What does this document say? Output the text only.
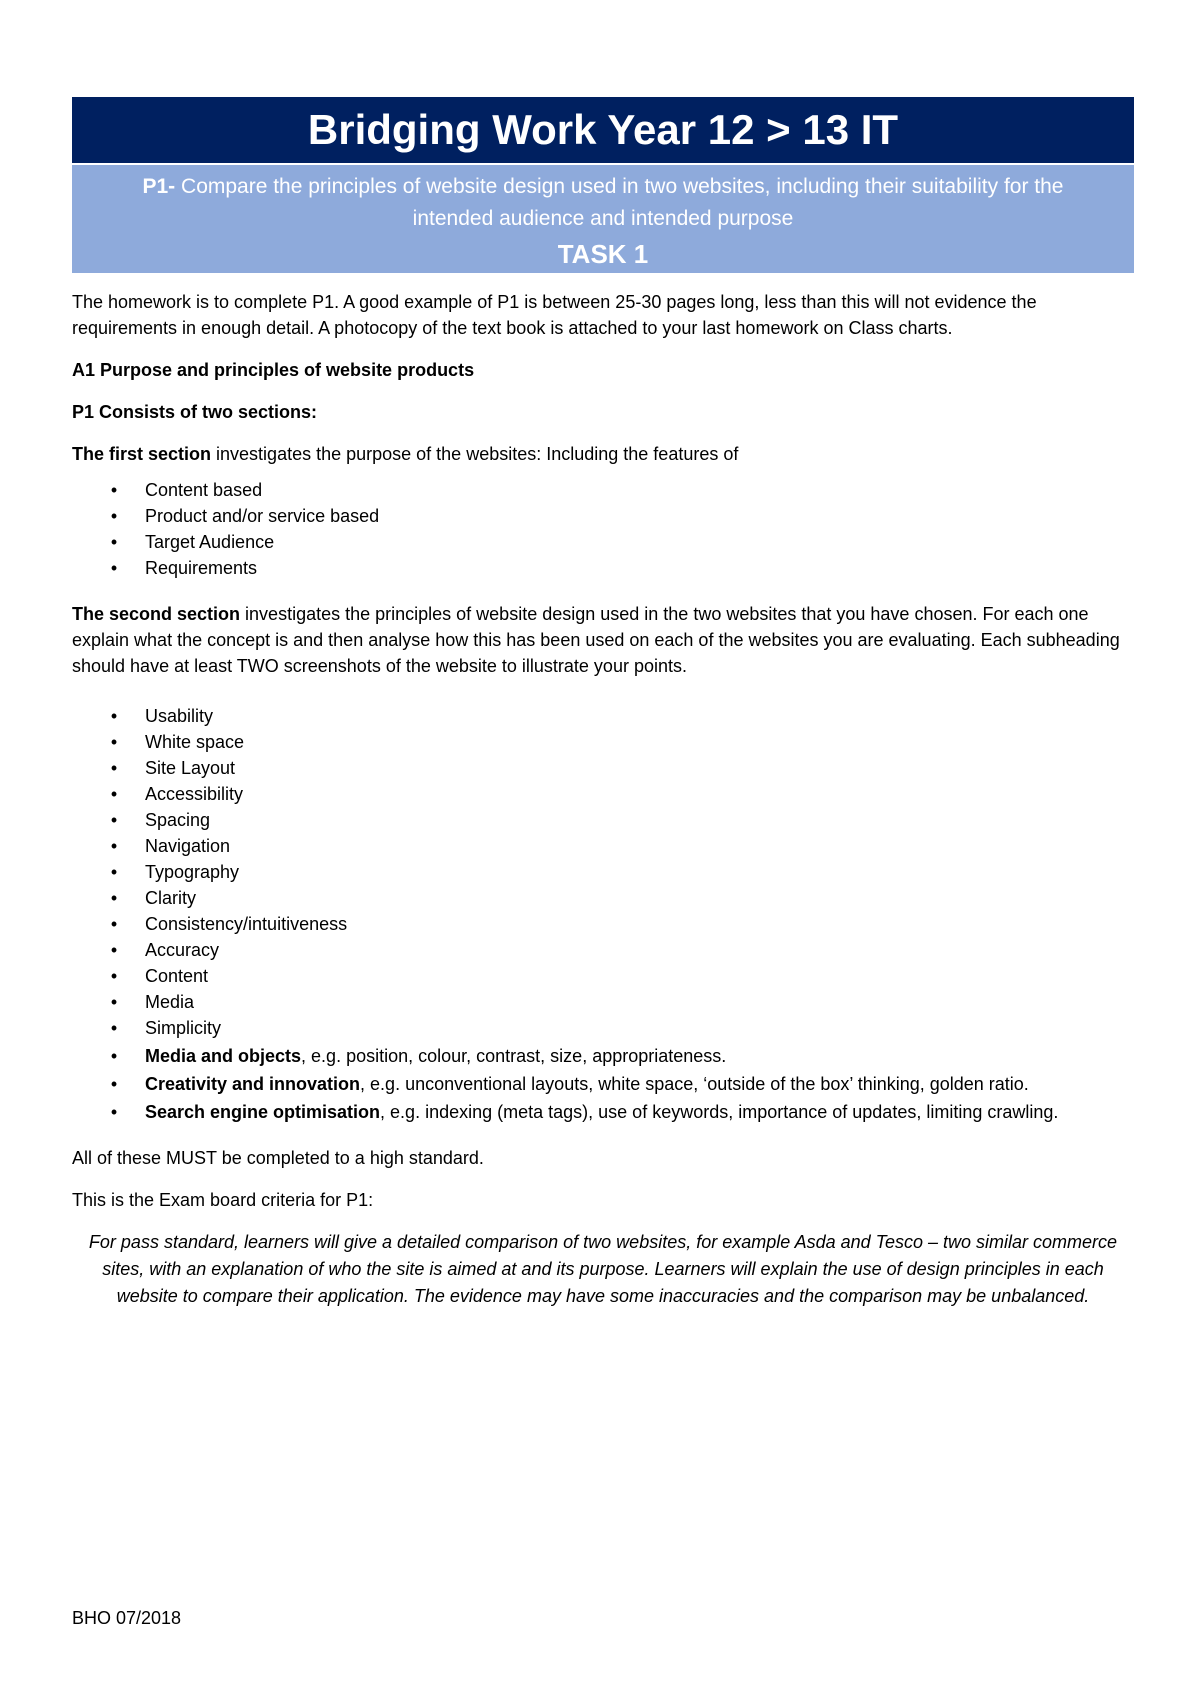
Bridging Work Year 12 > 13 IT
P1- Compare the principles of website design used in two websites, including their suitability for the intended audience and intended purpose
TASK 1

The homework is to complete P1. A good example of P1 is between 25-30 pages long, less than this will not evidence the requirements in enough detail. A photocopy of the text book is attached to your last homework on Class charts.

A1 Purpose and principles of website products

P1 Consists of two sections:

The first section investigates the purpose of the websites: Including the features of

• Content based
• Product and/or service based
• Target Audience
• Requirements

The second section investigates the principles of website design used in the two websites that you have chosen. For each one explain what the concept is and then analyse how this has been used on each of the websites you are evaluating. Each subheading should have at least TWO screenshots of the website to illustrate your points.

• Usability
• White space
• Site Layout
• Accessibility
• Spacing
• Navigation
• Typography
• Clarity
• Consistency/intuitiveness
• Accuracy
• Content
• Media
• Simplicity
• Media and objects, e.g. position, colour, contrast, size, appropriateness.
• Creativity and innovation, e.g. unconventional layouts, white space, ‘outside of the box’ thinking, golden ratio.
• Search engine optimisation, e.g. indexing (meta tags), use of keywords, importance of updates, limiting crawling.

All of these MUST be completed to a high standard.

This is the Exam board criteria for P1:

For pass standard, learners will give a detailed comparison of two websites, for example Asda and Tesco – two similar commerce sites, with an explanation of who the site is aimed at and its purpose. Learners will explain the use of design principles in each website to compare their application. The evidence may have some inaccuracies and the comparison may be unbalanced.

BHO 07/2018
